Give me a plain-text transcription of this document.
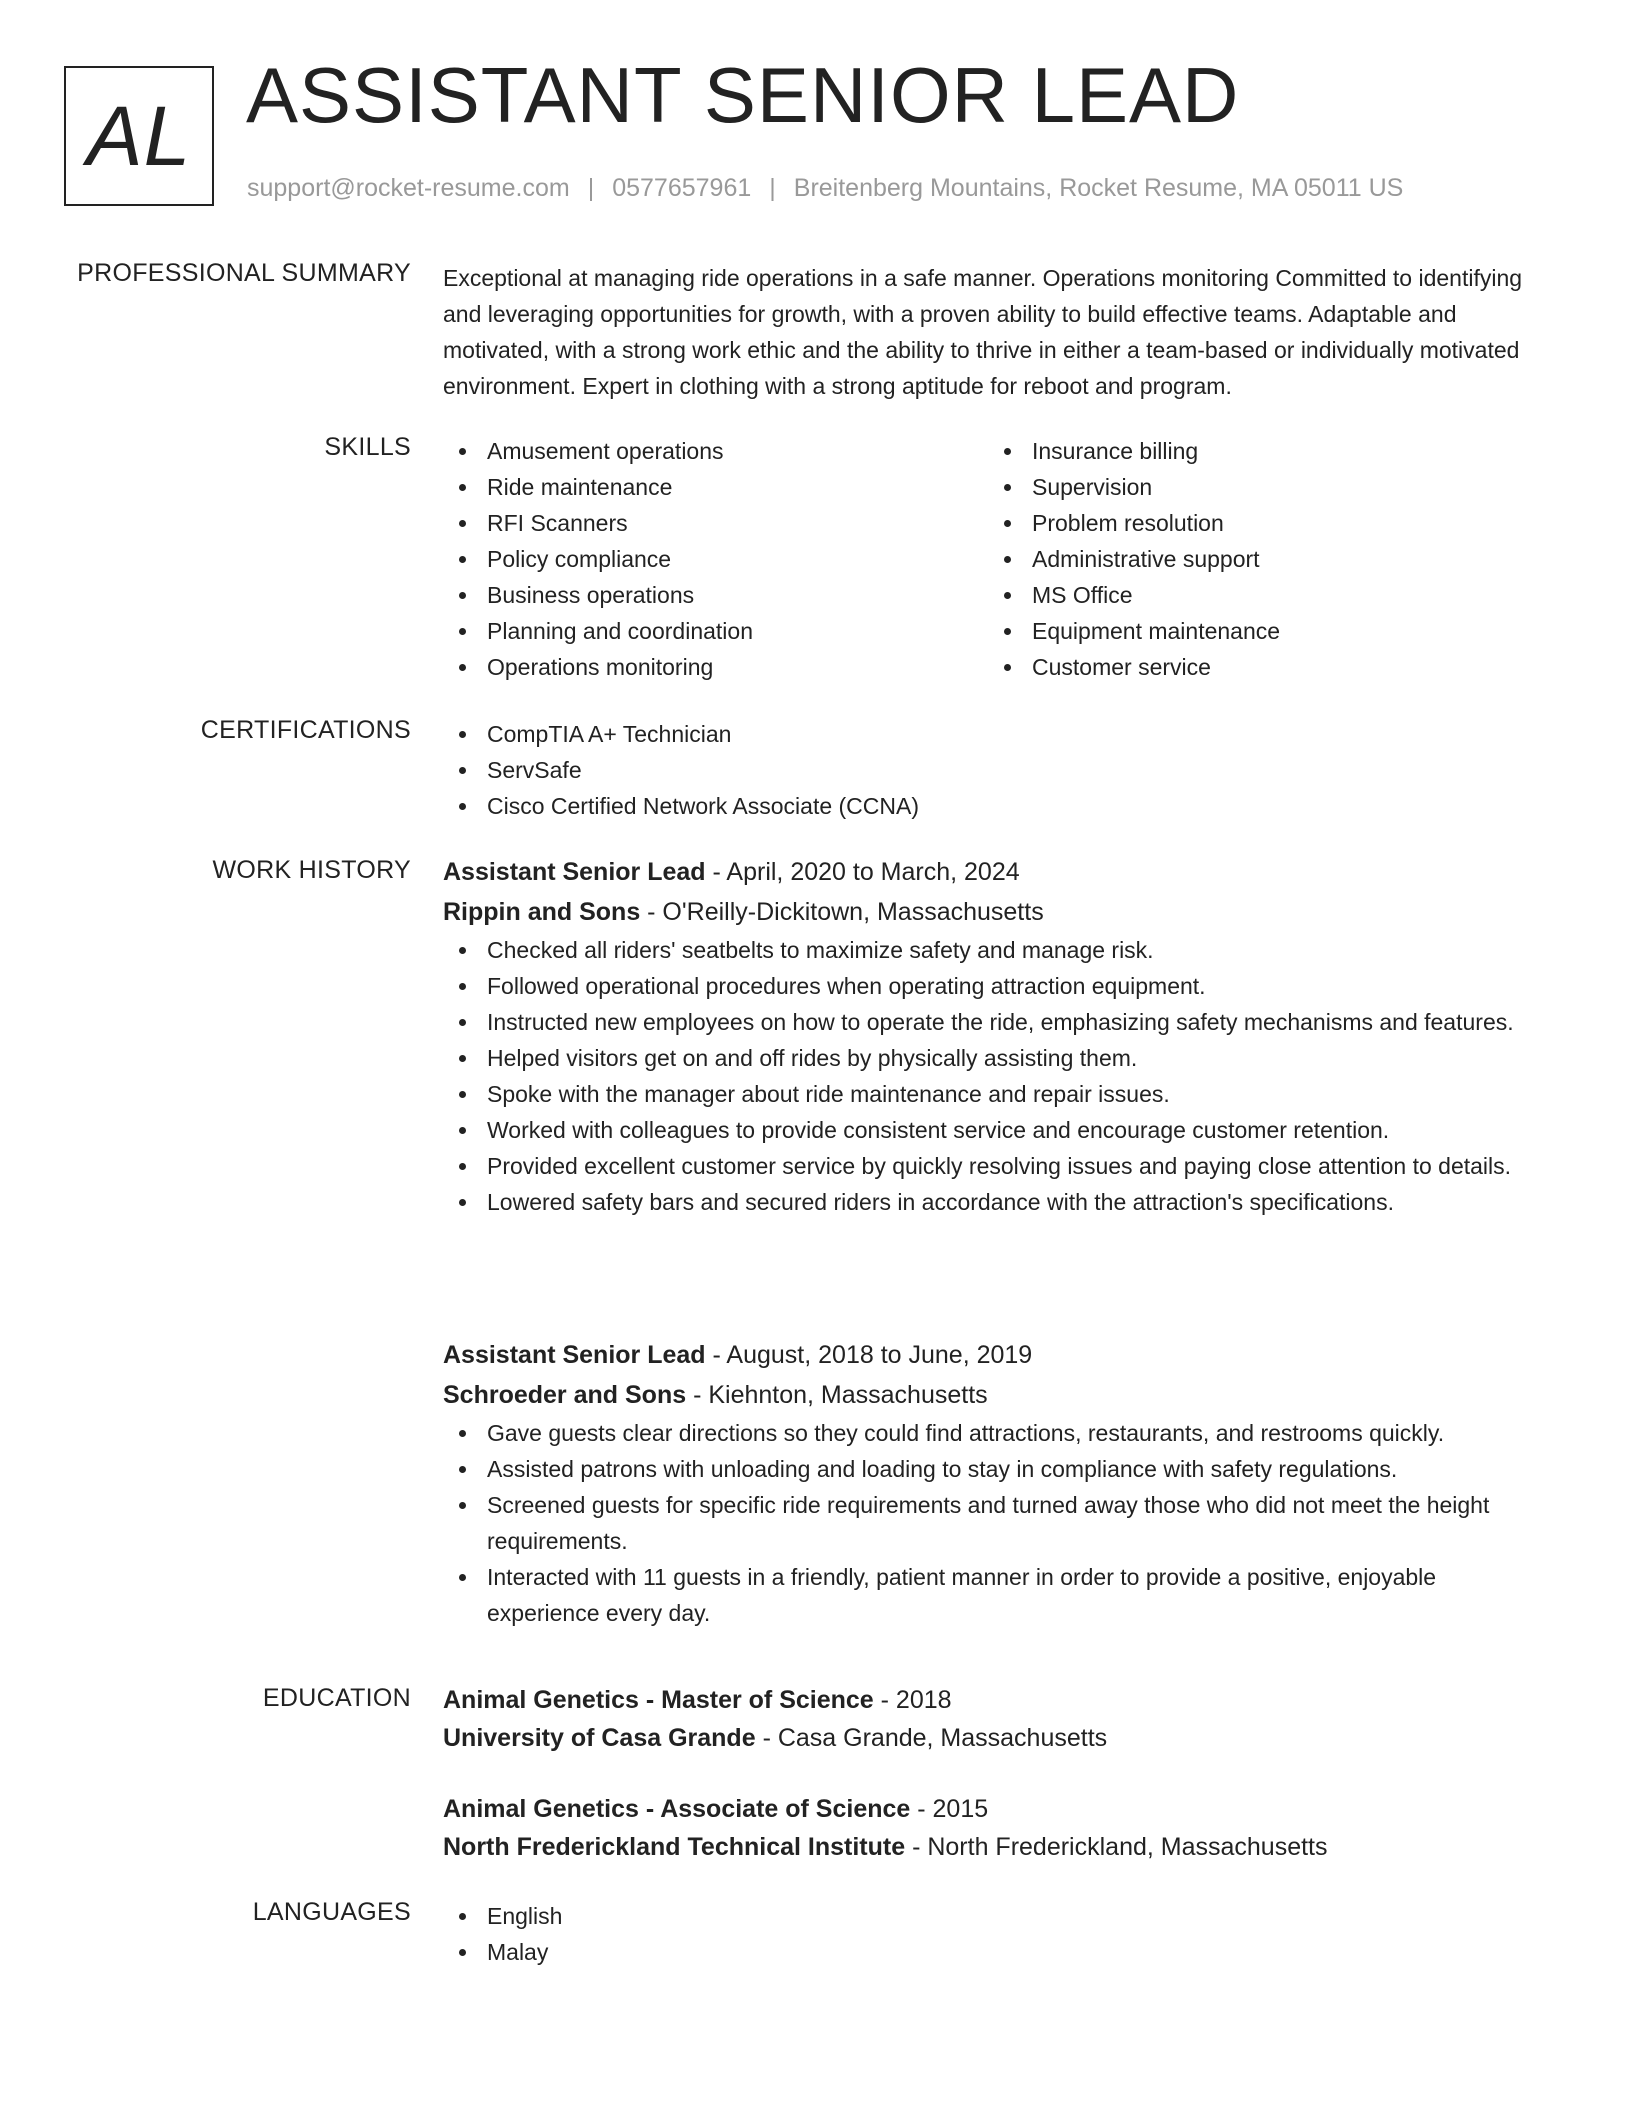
AL ASSISTANT SENIOR LEAD
support@rocket-resume.com | 0577657961 | Breitenberg Mountains, Rocket Resume, MA 05011 US
PROFESSIONAL SUMMARY Exceptional at managing ride operations in a safe manner. Operations monitoring Committed to identifying and leveraging opportunities for growth, with a proven ability to build effective teams. Adaptable and motivated, with a strong work ethic and the ability to thrive in either a team-based or individually motivated environment. Expert in clothing with a strong aptitude for reboot and program.

SKILLS	Amusement operations
Ride maintenance
RFI Scanners
Policy compliance
Business operations
Planning and coordination
Operations monitoring
Insurance billing
Supervision
Problem resolution
Administrative support
MS Office
Equipment maintenance
Customer service
CERTIFICATIONS	CompTIA A+ Technician
ServSafe
Cisco Certified Network Associate (CCNA)
WORK HISTORY Assistant Senior Lead - April, 2020 to March, 2024
Rippin and Sons - O'Reilly-Dickitown, Massachusetts
Checked all riders' seatbelts to maximize safety and manage risk.
Followed operational procedures when operating attraction equipment.
Instructed new employees on how to operate the ride, emphasizing safety mechanisms and features.
Helped visitors get on and off rides by physically assisting them.
Spoke with the manager about ride maintenance and repair issues.
Worked with colleagues to provide consistent service and encourage customer retention.
Provided excellent customer service by quickly resolving issues and paying close attention to details.
Lowered safety bars and secured riders in accordance with the attraction's specifications.
Assistant Senior Lead - August, 2018 to June, 2019
Schroeder and Sons - Kiehnton, Massachusetts
Gave guests clear directions so they could find attractions, restaurants, and restrooms quickly.
Assisted patrons with unloading and loading to stay in compliance with safety regulations.
Screened guests for specific ride requirements and turned away those who did not meet the height requirements.
Interacted with 11 guests in a friendly, patient manner in order to provide a positive, enjoyable experience every day.
EDUCATION Animal Genetics - Master of Science - 2018
University of Casa Grande - Casa Grande, Massachusetts
Animal Genetics - Associate of Science - 2015
North Frederickland Technical Institute - North Frederickland, Massachusetts
LANGUAGES	English
Malay
